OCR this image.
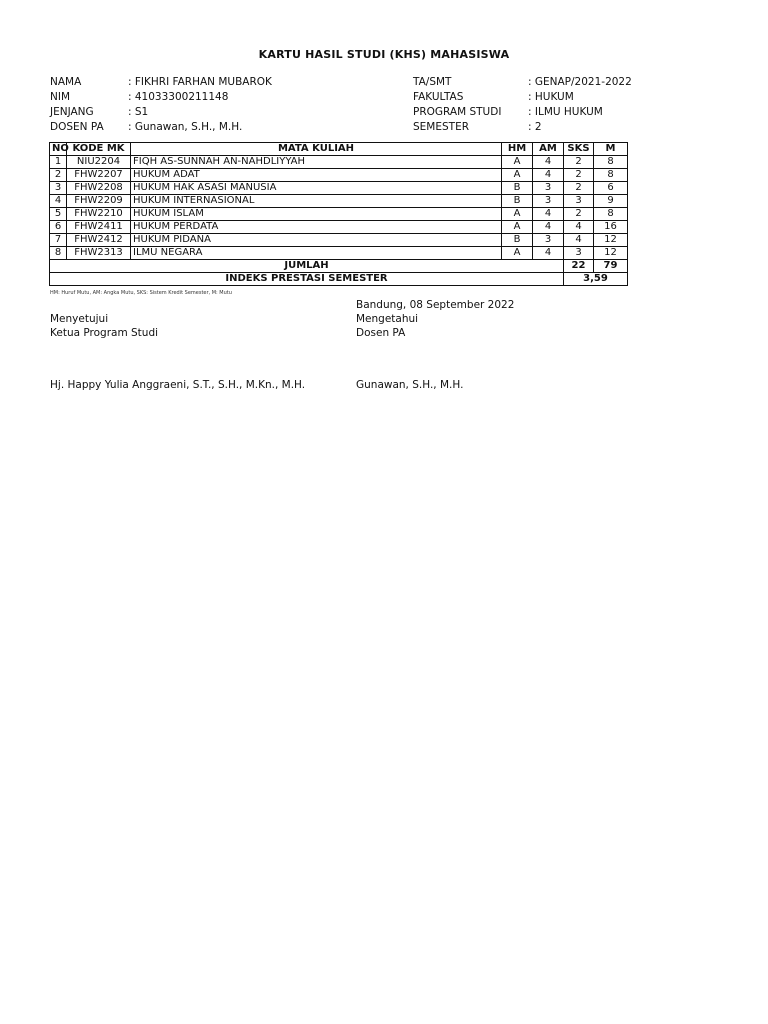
KARTU HASIL STUDI (KHS) MAHASISWA
NAMA	: FIKHRI FARHAN MUBAROK
NIM	: 41033300211148
JENJANG	: S1
DOSEN PA : Gunawan, S.H., M.H.
TA/SMT	: GENAP/2021-2022
FAKULTAS	: HUKUM
PROGRAM STUDI	: ILMU HUKUM
SEMESTER	: 2
NO	KODE MK	MATA KULIAH	HM	AM	SKS	M
1	NIU2204	FIQH AS-SUNNAH AN-NAHDLIYYAH	A	4	2	8
2	FHW2207	HUKUM ADAT	A	4	2	8
3	FHW2208	HUKUM HAK ASASI MANUSIA	B	3	2	6
4	FHW2209	HUKUM INTERNASIONAL	B	3	3	9
5	FHW2210	HUKUM ISLAM	A	4	2	8
6	FHW2411	HUKUM PERDATA	A	4	4	16
7	FHW2412	HUKUM PIDANA	B	3	4	12
8	FHW2313	ILMU NEGARA	A	4	3	12
JUMLAH					22	79
INDEKS PRESTASI SEMESTER					3,59	
HM: Huruf Mutu, AM: Angka Mutu, SKS: Sistem Kredit Semester, M: Mutu
Menyetujui
Ketua Program Studi
Bandung, 08 September 2022
Mengetahui
Dosen PA
Hj. Happy Yulia Anggraeni, S.T., S.H., M.Kn., M.H.	Gunawan, S.H., M.H.
